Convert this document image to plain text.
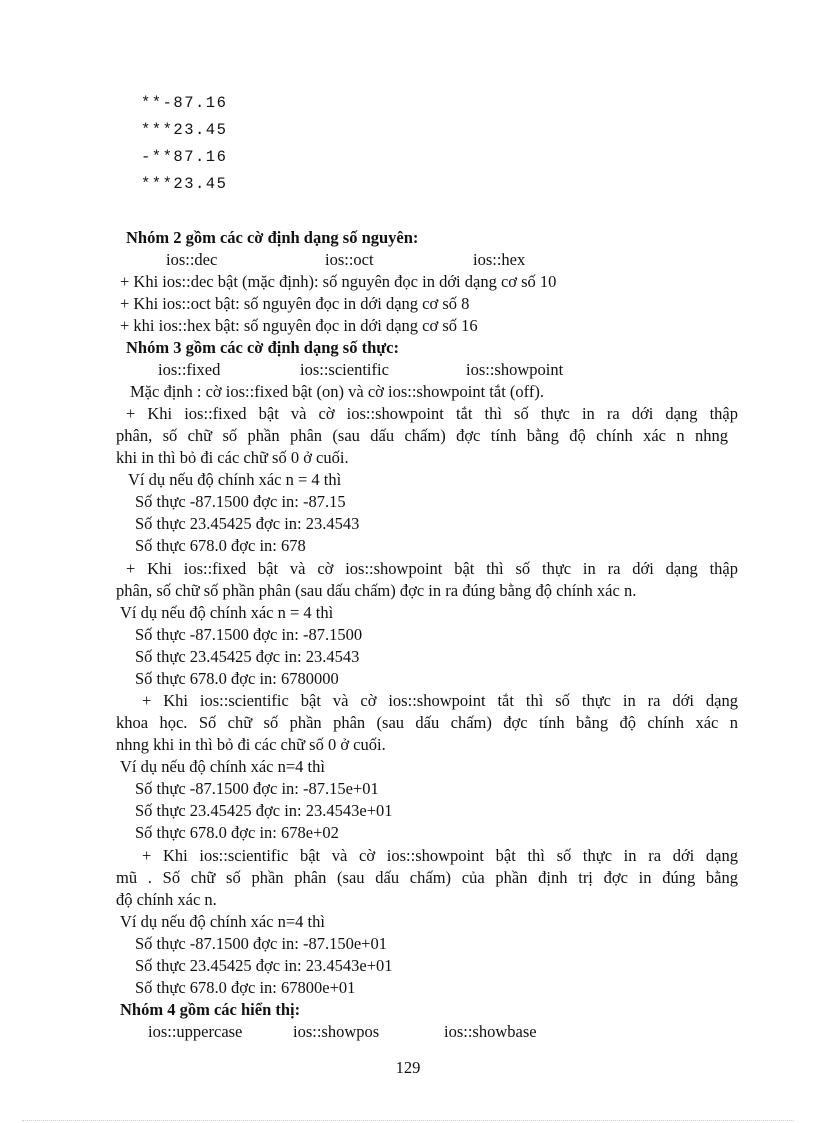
**-87.16
***23.45
-**87.16
***23.45
Nhóm 2 gồm các cờ định dạng số nguyên:
ios::dec	ios::oct	ios::hex
+ Khi ios::dec bật (mặc định): số nguyên đọc in dới dạng cơ số 10
+ Khi ios::oct bật: số nguyên đọc in dới dạng cơ số 8
+ khi ios::hex bật: số nguyên đọc in dới dạng cơ số 16
Nhóm 3 gồm các cờ định dạng số thực:
ios::fixed	ios::scientific	ios::showpoint
Mặc định : cờ ios::fixed bật (on) và cờ ios::showpoint tắt (off).
+ Khi ios::fixed bật và cờ ios::showpoint tắt thì số thực in ra dới dạng thập
phân, số chữ số phần phân (sau dấu chấm) đợc tính bằng độ chính xác n nhng
khi in thì bỏ đi các chữ số 0 ở cuối.
Ví dụ nếu độ chính xác n = 4 thì
Số thực -87.1500 đợc in: -87.15
Số thực 23.45425 đợc in: 23.4543
Số thực 678.0 đợc in: 678
+ Khi ios::fixed bật và cờ ios::showpoint bật thì số thực in ra dới dạng thập
phân, số chữ số phần phân (sau dấu chấm) đợc in ra đúng bằng độ chính xác n.
Ví dụ nếu độ chính xác n = 4 thì
Số thực -87.1500 đợc in: -87.1500
Số thực 23.45425 đợc in: 23.4543
Số thực 678.0 đợc in: 6780000
+ Khi ios::scientific bật và cờ ios::showpoint tắt thì số thực in ra dới dạng
khoa học. Số chữ số phần phân (sau dấu chấm) đợc tính bằng độ chính xác n
nhng khi in thì bỏ đi các chữ số 0 ở cuối.
Ví dụ nếu độ chính xác n=4 thì
Số thực -87.1500 đợc in: -87.15e+01
Số thực 23.45425 đợc in: 23.4543e+01
Số thực 678.0 đợc in: 678e+02
+ Khi ios::scientific bật và cờ ios::showpoint bật thì số thực in ra dới dạng
mũ . Số chữ số phần phân (sau dấu chấm) của phần định trị đợc in đúng bằng
độ chính xác n.
Ví dụ nếu độ chính xác n=4 thì
Số thực -87.1500 đợc in: -87.150e+01
Số thực 23.45425 đợc in: 23.4543e+01
Số thực 678.0 đợc in: 67800e+01
Nhóm 4 gồm các hiển thị:
ios::uppercase	ios::showpos	ios::showbase
129
